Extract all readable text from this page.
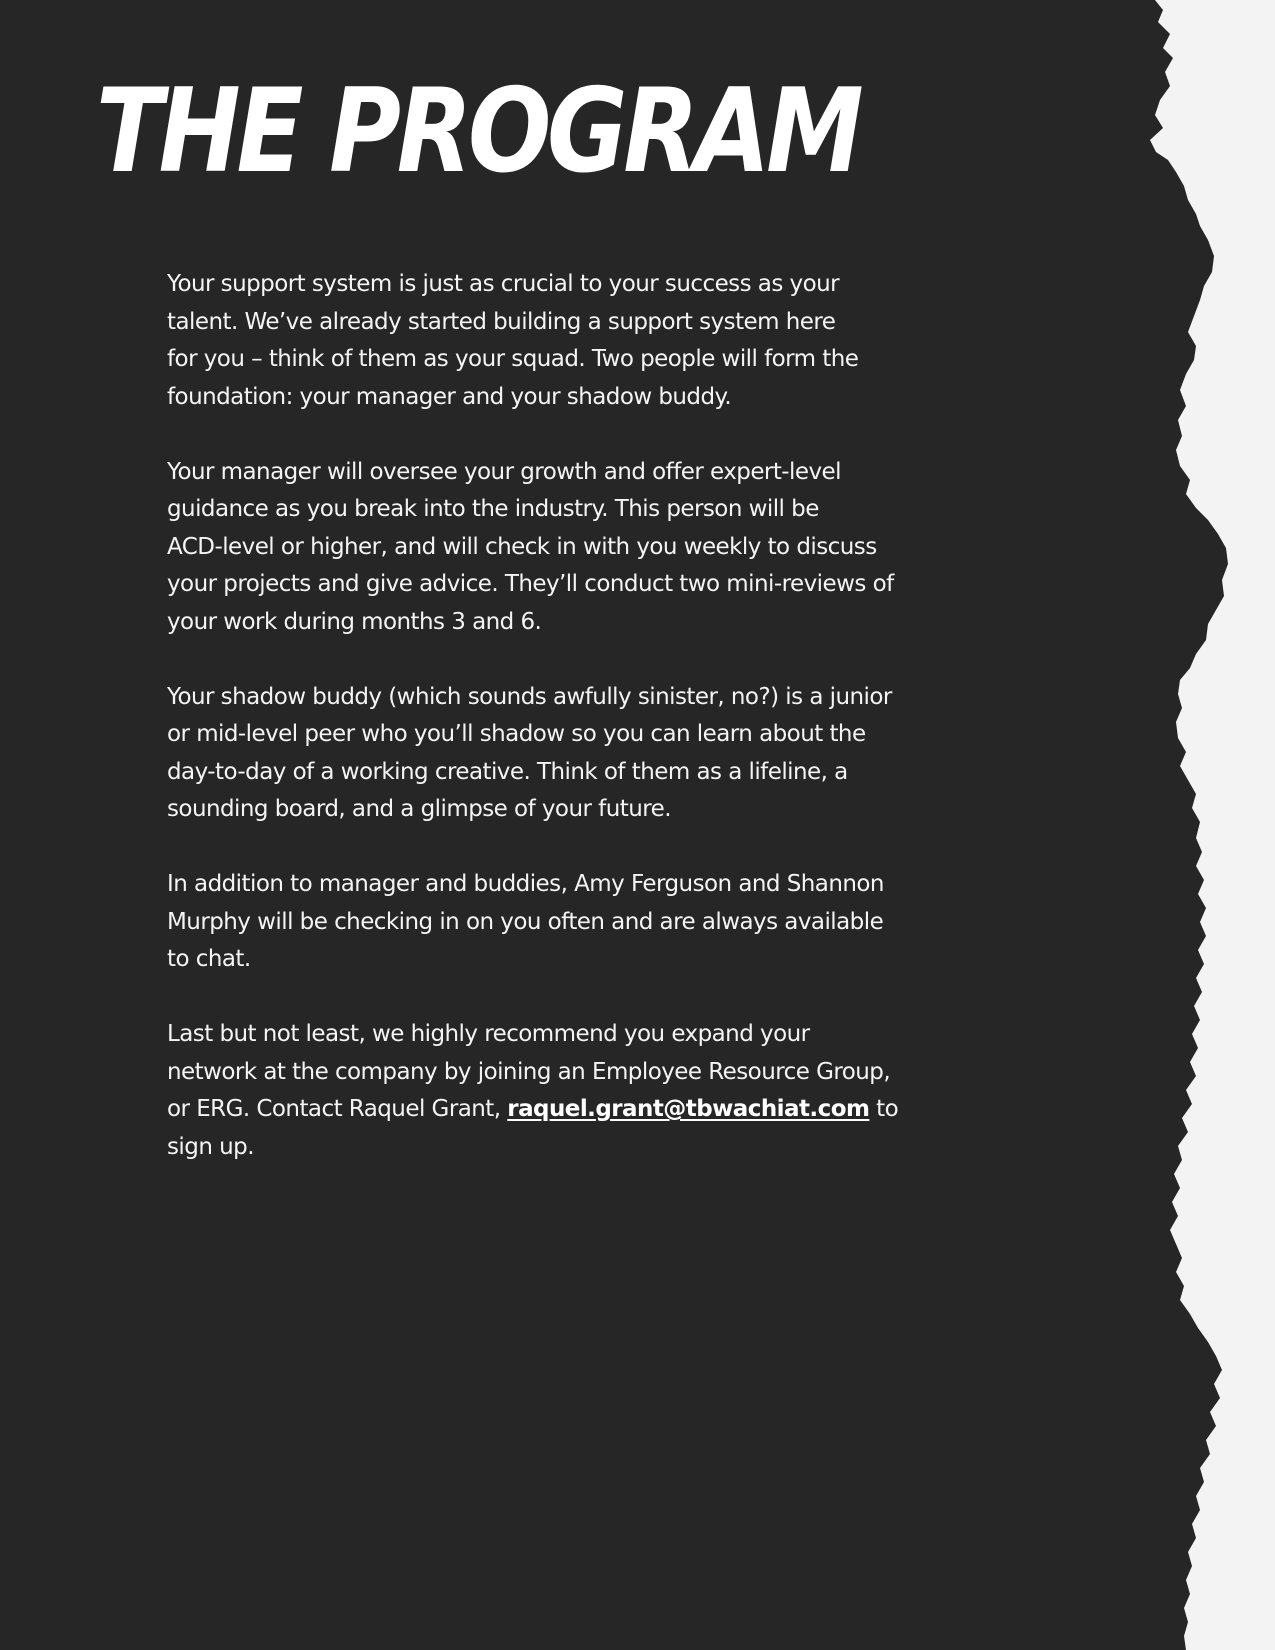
THE PROGRAM

Your support system is just as crucial to your success as your
talent. We’ve already started building a support system here
for you – think of them as your squad. Two people will form the
foundation: your manager and your shadow buddy.

Your manager will oversee your growth and offer expert-level
guidance as you break into the industry. This person will be
ACD-level or higher, and will check in with you weekly to discuss
your projects and give advice. They’ll conduct two mini-reviews of
your work during months 3 and 6.

Your shadow buddy (which sounds awfully sinister, no?) is a junior
or mid-level peer who you’ll shadow so you can learn about the
day-to-day of a working creative. Think of them as a lifeline, a
sounding board, and a glimpse of your future.

In addition to manager and buddies, Amy Ferguson and Shannon
Murphy will be checking in on you often and are always available
to chat.

Last but not least, we highly recommend you expand your
network at the company by joining an Employee Resource Group,
or ERG. Contact Raquel Grant, raquel.grant@tbwachiat.com to
sign up.
